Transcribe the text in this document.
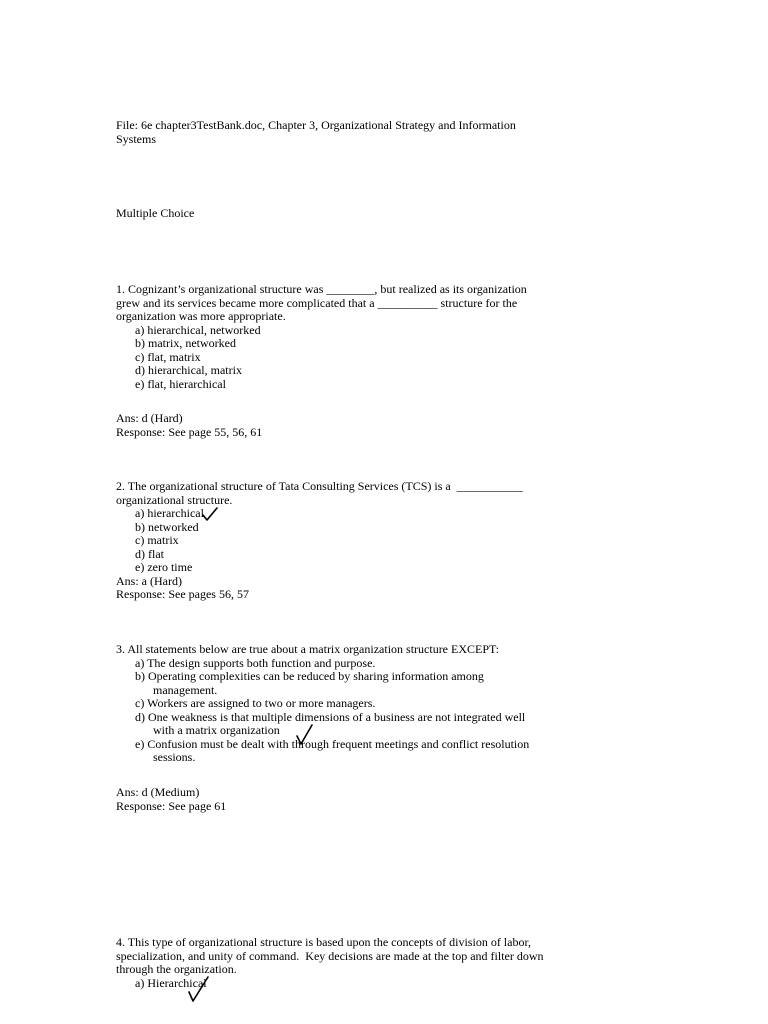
File: 6e chapter3TestBank.doc, Chapter 3, Organizational Strategy and Information
Systems
Multiple Choice
1. Cognizant’s organizational structure was ________, but realized as its organization
grew and its services became more complicated that a __________ structure for the
organization was more appropriate.
a) hierarchical, networked
b) matrix, networked
c) flat, matrix
d) hierarchical, matrix
e) flat, hierarchical
Ans: d (Hard)
Response: See page 55, 56, 61
2. The organizational structure of Tata Consulting Services (TCS) is a  ___________
organizational structure.
a) hierarchical
b) networked
c) matrix
d) flat
e) zero time
Ans: a (Hard)
Response: See pages 56, 57
3. All statements below are true about a matrix organization structure EXCEPT:
a) The design supports both function and purpose.
b) Operating complexities can be reduced by sharing information among
management.
c) Workers are assigned to two or more managers.
d) One weakness is that multiple dimensions of a business are not integrated well
with a matrix organization
e) Confusion must be dealt with through frequent meetings and conflict resolution
sessions.
Ans: d (Medium)
Response: See page 61
4. This type of organizational structure is based upon the concepts of division of labor,
specialization, and unity of command.  Key decisions are made at the top and filter down
through the organization.
a) Hierarchical
